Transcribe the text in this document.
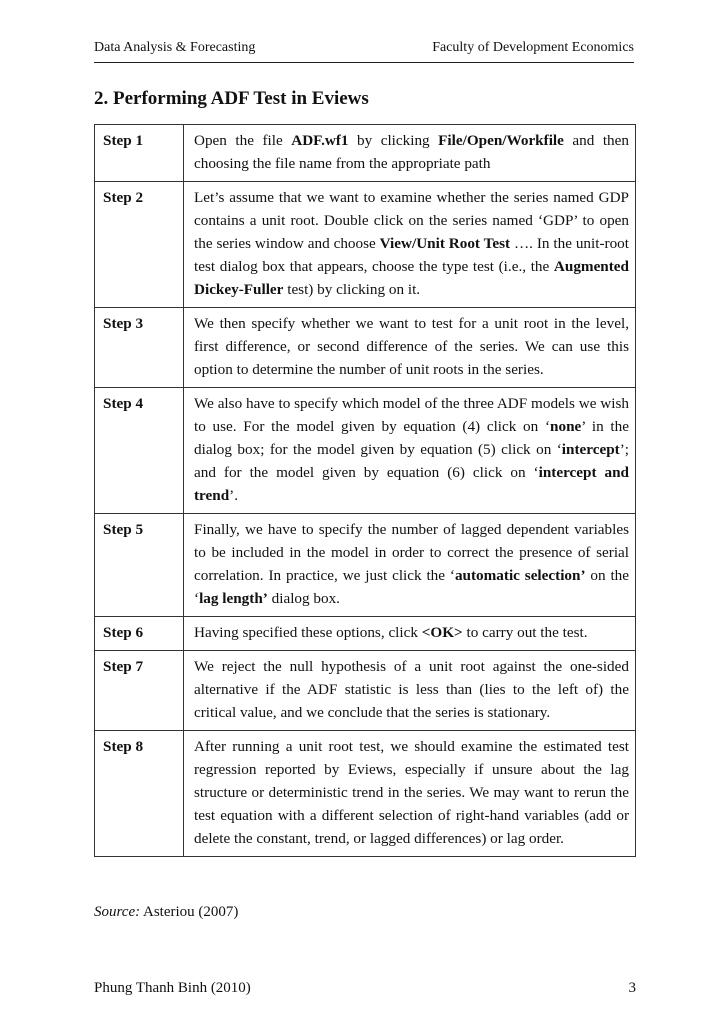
Data Analysis & Forecasting	Faculty of Development Economics
2. Performing ADF Test in Eviews
Step 1	Open the file ADF.wf1 by clicking File/Open/Workfile and then choosing the file name from the appropriate path
Step 2	Let’s assume that we want to examine whether the series named GDP contains a unit root. Double click on the series named ‘GDP’ to open the series window and choose View/Unit Root Test …. In the unit-root test dialog box that appears, choose the type test (i.e., the Augmented Dickey-Fuller test) by clicking on it.
Step 3	We then specify whether we want to test for a unit root in the level, first difference, or second difference of the series. We can use this option to determine the number of unit roots in the series.
Step 4	We also have to specify which model of the three ADF models we wish to use. For the model given by equation (4) click on ‘none’ in the dialog box; for the model given by equation (5) click on ‘intercept’; and for the model given by equation (6) click on ‘intercept and trend’.
Step 5	Finally, we have to specify the number of lagged dependent variables to be included in the model in order to correct the presence of serial correlation. In practice, we just click the ‘automatic selection’ on the ‘lag length’ dialog box.
Step 6	Having specified these options, click <OK> to carry out the test.
Step 7	We reject the null hypothesis of a unit root against the one-sided alternative if the ADF statistic is less than (lies to the left of) the critical value, and we conclude that the series is stationary.
Step 8	After running a unit root test, we should examine the estimated test regression reported by Eviews, especially if unsure about the lag structure or deterministic trend in the series. We may want to rerun the test equation with a different selection of right-hand variables (add or delete the constant, trend, or lagged differences) or lag order.
Source: Asteriou (2007)
Phung Thanh Binh (2010)	3
